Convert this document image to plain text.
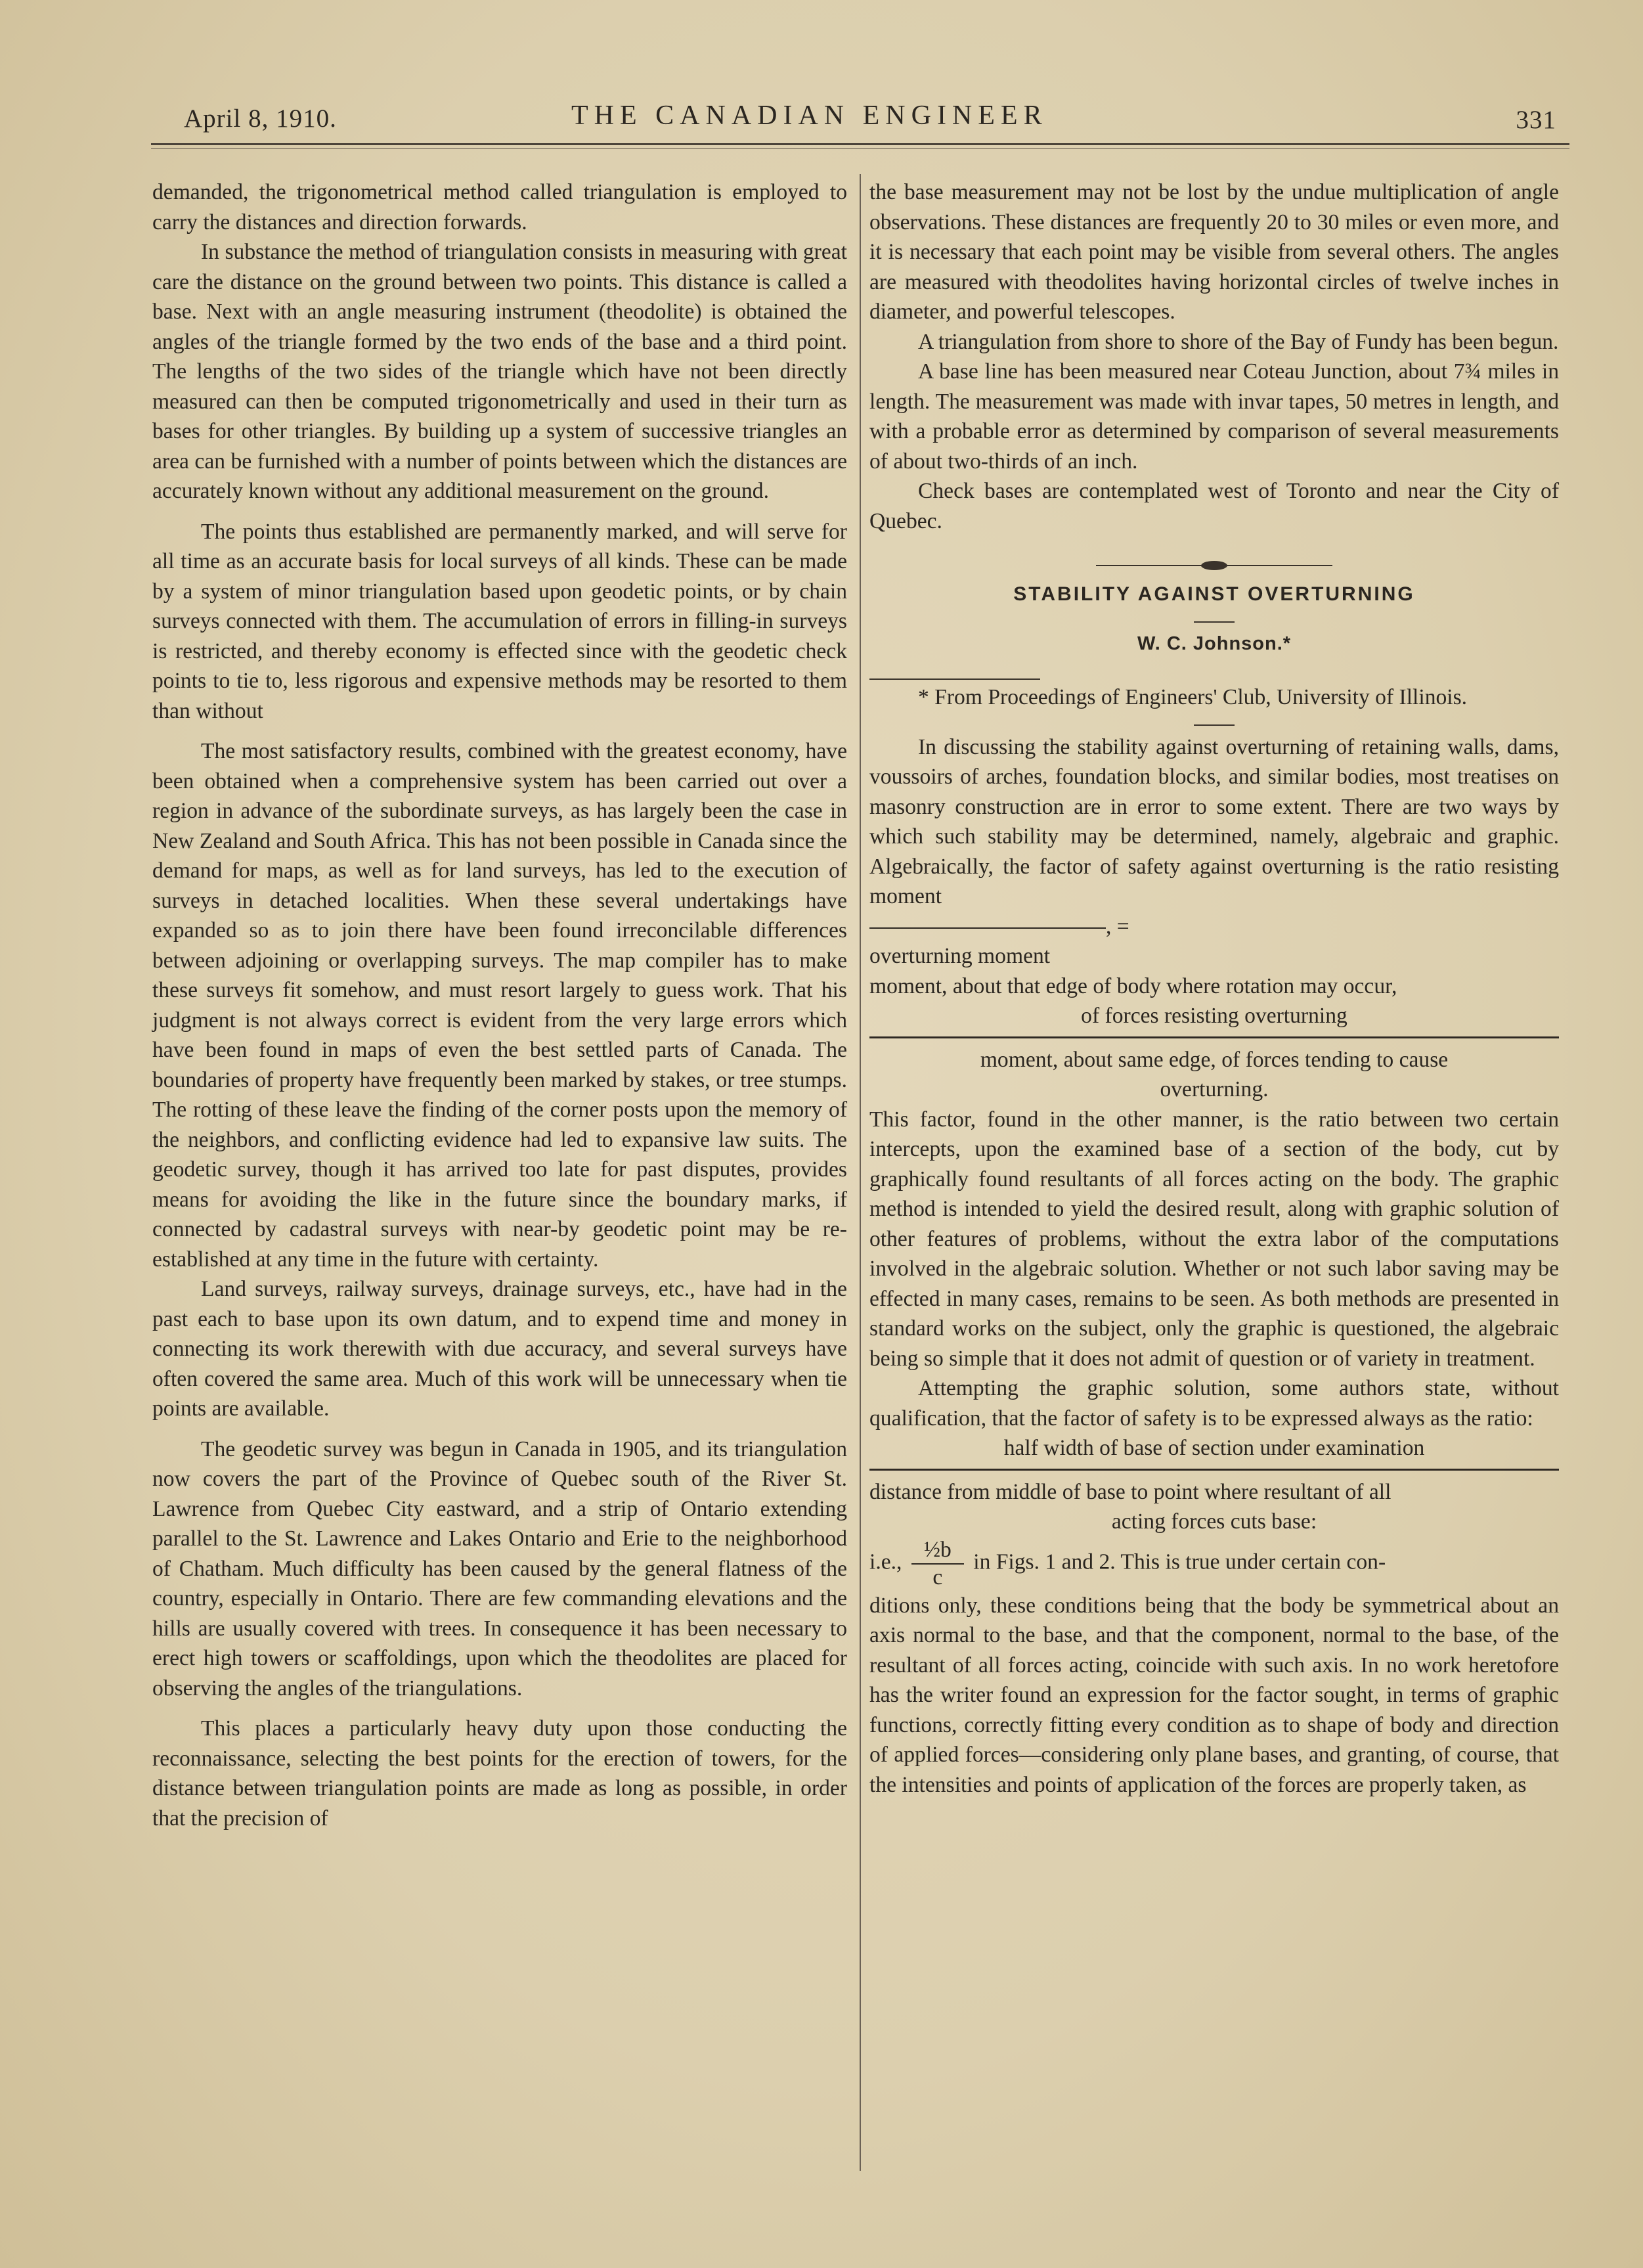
April 8, 1910.	THE CANADIAN ENGINEER	331

demanded, the trigonometrical method called triangulation is employed to carry the distances and direction forwards.

In substance the method of triangulation consists in measuring with great care the distance on the ground between two points. This distance is called a base. Next with an angle measuring instrument (theodolite) is obtained the angles of the triangle formed by the two ends of the base and a third point. The lengths of the two sides of the triangle which have not been directly measured can then be computed trigonometrically and used in their turn as bases for other triangles. By building up a system of successive triangles an area can be furnished with a number of points between which the distances are accurately known without any additional measurement on the ground.

The points thus established are permanently marked, and will serve for all time as an accurate basis for local surveys of all kinds. These can be made by a system of minor triangulation based upon geodetic points, or by chain surveys connected with them. The accumulation of errors in filling-in surveys is restricted, and thereby economy is effected since with the geodetic check points to tie to, less rigorous and expensive methods may be resorted to them than without

The most satisfactory results, combined with the greatest economy, have been obtained when a comprehensive system has been carried out over a region in advance of the subordinate surveys, as has largely been the case in New Zealand and South Africa. This has not been possible in Canada since the demand for maps, as well as for land surveys, has led to the execution of surveys in detached localities. When these several undertakings have expanded so as to join there have been found irreconcilable differences between adjoining or overlapping surveys. The map compiler has to make these surveys fit somehow, and must resort largely to guess work. That his judgment is not always correct is evident from the very large errors which have been found in maps of even the best settled parts of Canada. The boundaries of property have frequently been marked by stakes, or tree stumps. The rotting of these leave the finding of the corner posts upon the memory of the neighbors, and conflicting evidence had led to expansive law suits. The geodetic survey, though it has arrived too late for past disputes, provides means for avoiding the like in the future since the boundary marks, if connected by cadastral surveys with near-by geodetic point may be re-established at any time in the future with certainty.

Land surveys, railway surveys, drainage surveys, etc., have had in the past each to base upon its own datum, and to expend time and money in connecting its work therewith with due accuracy, and several surveys have often covered the same area. Much of this work will be unnecessary when tie points are available.

The geodetic survey was begun in Canada in 1905, and its triangulation now covers the part of the Province of Quebec south of the River St. Lawrence from Quebec City eastward, and a strip of Ontario extending parallel to the St. Lawrence and Lakes Ontario and Erie to the neighborhood of Chatham. Much difficulty has been caused by the general flatness of the country, especially in Ontario. There are few commanding elevations and the hills are usually covered with trees. In consequence it has been necessary to erect high towers or scaffoldings, upon which the theodolites are placed for observing the angles of the triangulations.

This places a particularly heavy duty upon those conducting the reconnaissance, selecting the best points for the erection of towers, for the distance between triangulation points are made as long as possible, in order that the precision of

the base measurement may not be lost by the undue multiplication of angle observations. These distances are frequently 20 to 30 miles or even more, and it is necessary that each point may be visible from several others. The angles are measured with theodolites having horizontal circles of twelve inches in diameter, and powerful telescopes.

A triangulation from shore to shore of the Bay of Fundy has been begun.

A base line has been measured near Coteau Junction, about 7¾ miles in length. The measurement was made with invar tapes, 50 metres in length, and with a probable error as determined by comparison of several measurements of about two-thirds of an inch.

Check bases are contemplated west of Toronto and near the City of Quebec.

STABILITY AGAINST OVERTURNING
W. C. Johnson.*

* From Proceedings of Engineers' Club, University of Illinois.

In discussing the stability against overturning of retaining walls, dams, voussoirs of arches, foundation blocks, and similar bodies, most treatises on masonry construction are in error to some extent. There are two ways by which such stability may be determined, namely, algebraic and graphic. Algebraically, the factor of safety against overturning is the ratio resisting moment

, =

overturning moment

moment, about that edge of body where rotation may occur,

of forces resisting overturning

moment, about same edge, of forces tending to cause

overturning.

This factor, found in the other manner, is the ratio between two certain intercepts, upon the examined base of a section of the body, cut by graphically found resultants of all forces acting on the body. The graphic method is intended to yield the desired result, along with graphic solution of other features of problems, without the extra labor of the computations involved in the algebraic solution. Whether or not such labor saving may be effected in many cases, remains to be seen. As both methods are presented in standard works on the subject, only the graphic is questioned, the algebraic being so simple that it does not admit of question or of variety in treatment.

Attempting the graphic solution, some authors state, without qualification, that the factor of safety is to be expressed always as the ratio:

half width of base of section under examination

distance from middle of base to point where resultant of all

acting forces cuts base:

i.e., $\frac{\text{½b}}{c}$ in Figs. 1 and 2. This is true under certain con-

ditions only, these conditions being that the body be symmetrical about an axis normal to the base, and that the component, normal to the base, of the resultant of all forces acting, coincide with such axis. In no work heretofore has the writer found an expression for the factor sought, in terms of graphic functions, correctly fitting every condition as to shape of body and direction of applied forces—considering only plane bases, and granting, of course, that the intensities and points of application of the forces are properly taken, as
